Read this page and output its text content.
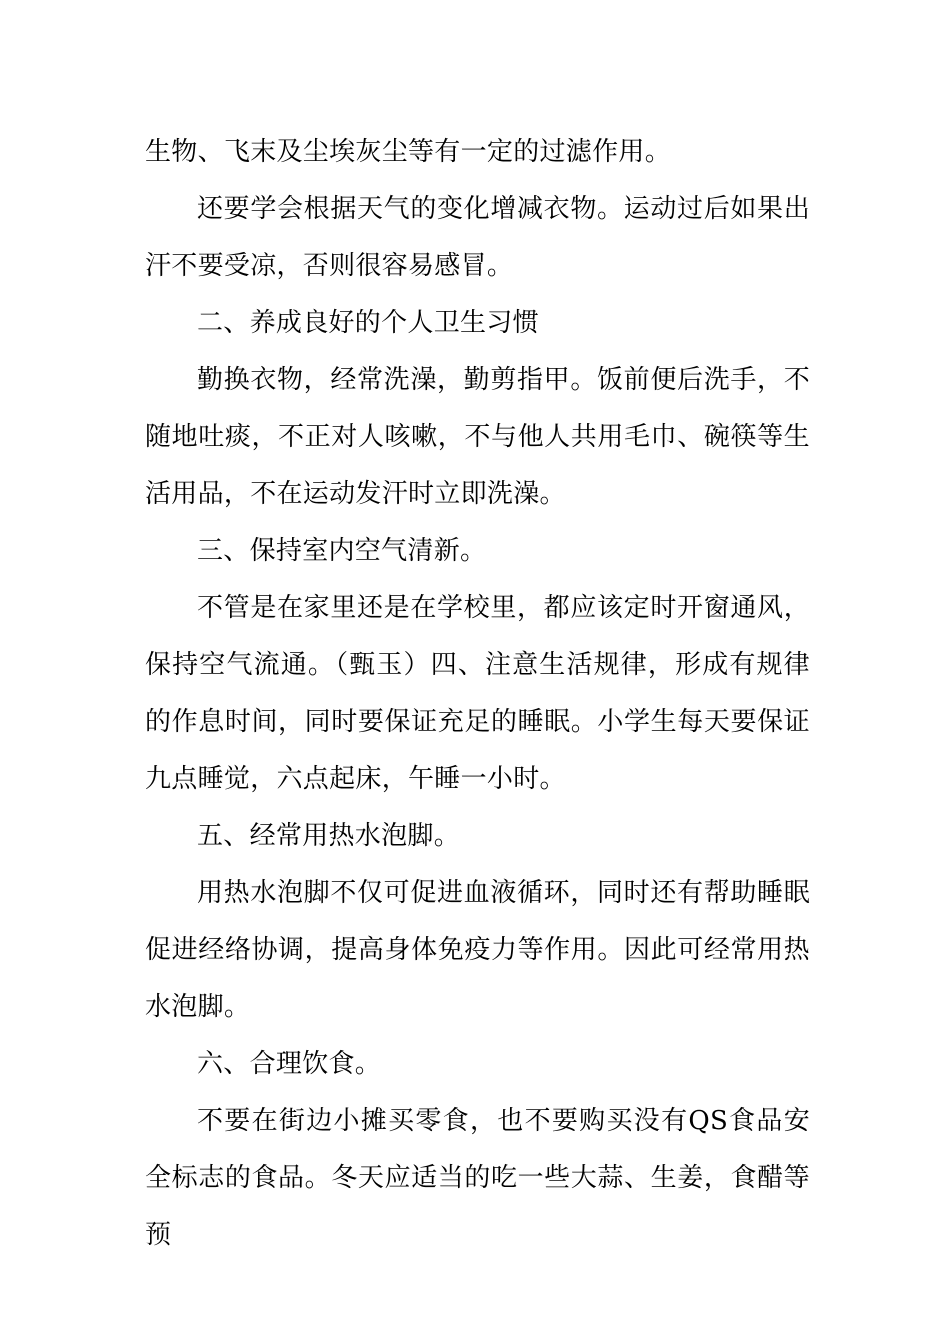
生物、飞末及尘埃灰尘等有一定的过滤作用。

还要学会根据天气的变化增减衣物。运动过后如果出汗不要受凉，否则很容易感冒。

二、养成良好的个人卫生习惯

勤换衣物，经常洗澡，勤剪指甲。饭前便后洗手，不随地吐痰，不正对人咳嗽，不与他人共用毛巾、碗筷等生活用品，不在运动发汗时立即洗澡。

三、保持室内空气清新。

不管是在家里还是在学校里，都应该定时开窗通风，保持空气流通。（甄玉）四、注意生活规律，形成有规律的作息时间，同时要保证充足的睡眠。小学生每天要保证九点睡觉，六点起床，午睡一小时。

五、经常用热水泡脚。

用热水泡脚不仅可促进血液循环，同时还有帮助睡眠促进经络协调，提高身体免疫力等作用。因此可经常用热水泡脚。

六、合理饮食。

不要在街边小摊买零食，也不要购买没有QS食品安全标志的食品。冬天应适当的吃一些大蒜、生姜，食醋等预
